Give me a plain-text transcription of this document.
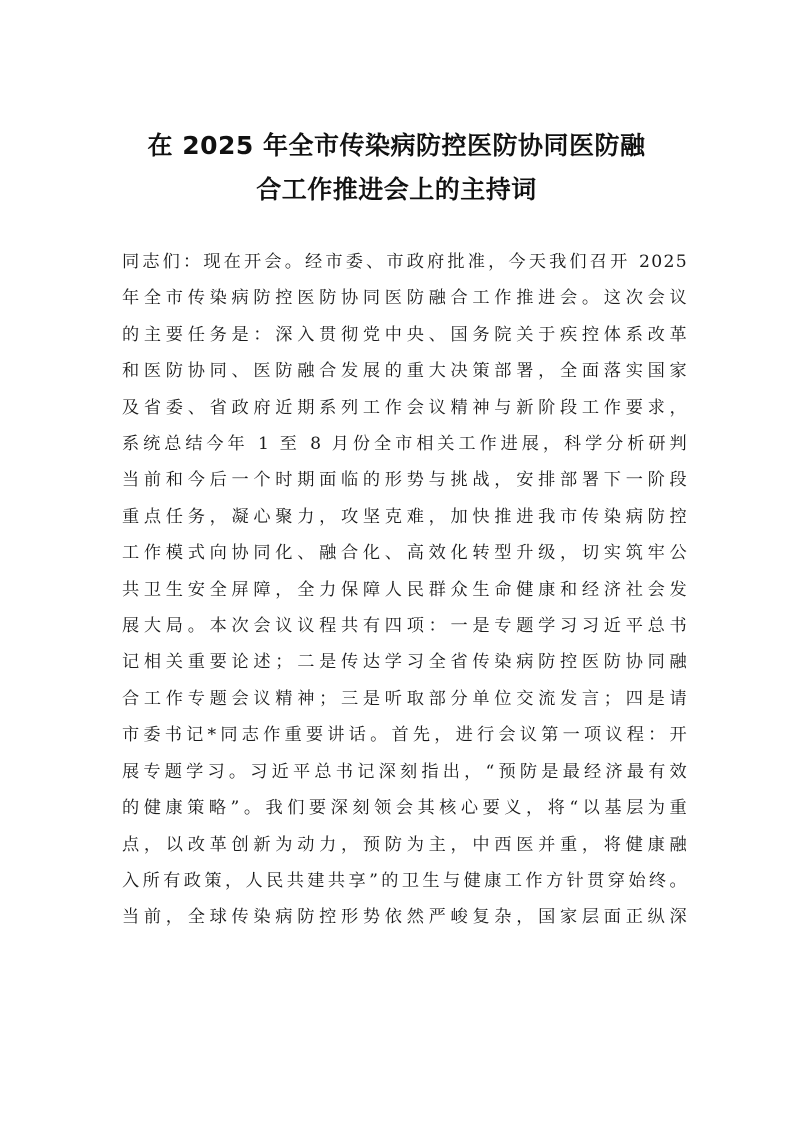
在 2025 年全市传染病防控医防协同医防融
合工作推进会上的主持词
同志们：现在开会。经市委、市政府批准，今天我们召开 2025
年全市传染病防控医防协同医防融合工作推进会。这次会议
的主要任务是：深入贯彻党中央、国务院关于疾控体系改革
和医防协同、医防融合发展的重大决策部署，全面落实国家
及省委、省政府近期系列工作会议精神与新阶段工作要求，
系统总结今年 1 至 8 月份全市相关工作进展，科学分析研判
当前和今后一个时期面临的形势与挑战，安排部署下一阶段
重点任务，凝心聚力，攻坚克难，加快推进我市传染病防控
工作模式向协同化、融合化、高效化转型升级，切实筑牢公
共卫生安全屏障，全力保障人民群众生命健康和经济社会发
展大局。本次会议议程共有四项：一是专题学习习近平总书
记相关重要论述；二是传达学习全省传染病防控医防协同融
合工作专题会议精神；三是听取部分单位交流发言；四是请
市委书记*同志作重要讲话。首先，进行会议第一项议程：开
展专题学习。习近平总书记深刻指出，“预防是最经济最有效
的健康策略”。我们要深刻领会其核心要义，将“以基层为重
点，以改革创新为动力，预防为主，中西医并重，将健康融
入所有政策，人民共建共享”的卫生与健康工作方针贯穿始终。
当前，全球传染病防控形势依然严峻复杂，国家层面正纵深
